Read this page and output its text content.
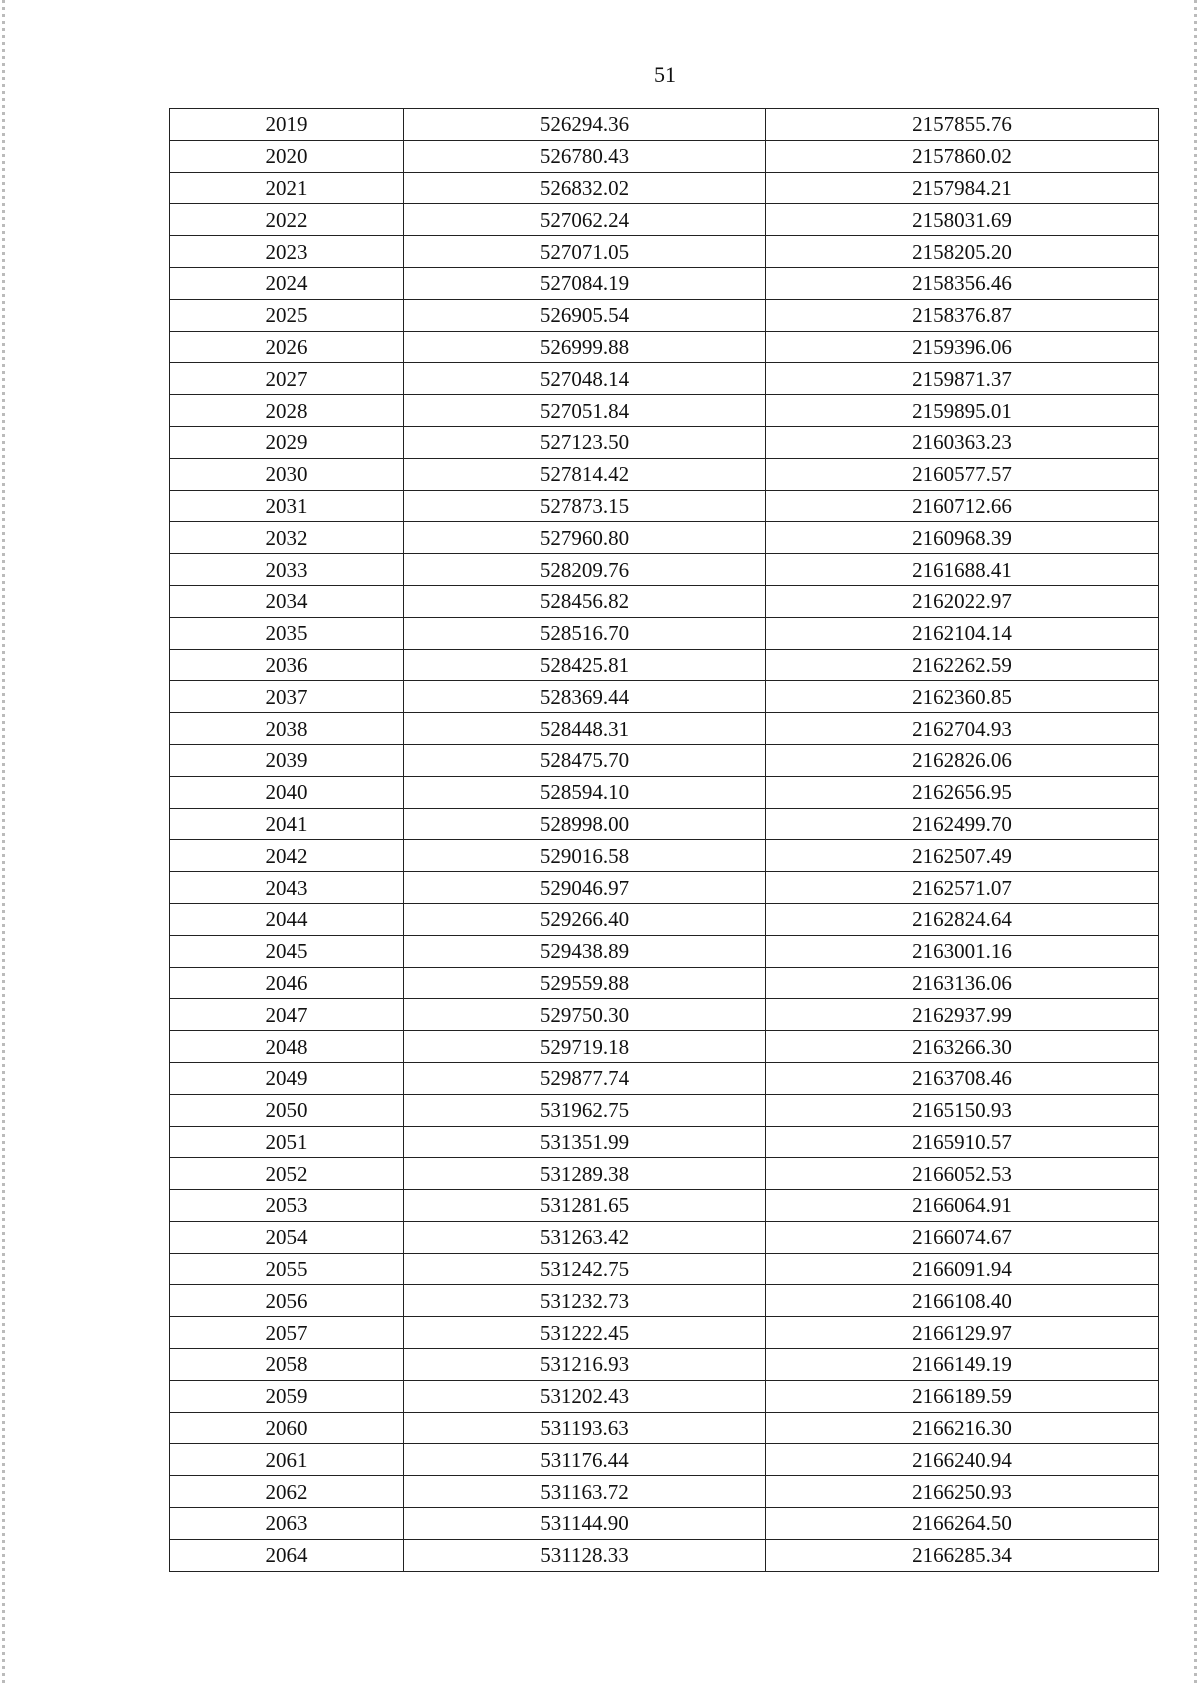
51
2019	526294.36	2157855.76
2020	526780.43	2157860.02
2021	526832.02	2157984.21
2022	527062.24	2158031.69
2023	527071.05	2158205.20
2024	527084.19	2158356.46
2025	526905.54	2158376.87
2026	526999.88	2159396.06
2027	527048.14	2159871.37
2028	527051.84	2159895.01
2029	527123.50	2160363.23
2030	527814.42	2160577.57
2031	527873.15	2160712.66
2032	527960.80	2160968.39
2033	528209.76	2161688.41
2034	528456.82	2162022.97
2035	528516.70	2162104.14
2036	528425.81	2162262.59
2037	528369.44	2162360.85
2038	528448.31	2162704.93
2039	528475.70	2162826.06
2040	528594.10	2162656.95
2041	528998.00	2162499.70
2042	529016.58	2162507.49
2043	529046.97	2162571.07
2044	529266.40	2162824.64
2045	529438.89	2163001.16
2046	529559.88	2163136.06
2047	529750.30	2162937.99
2048	529719.18	2163266.30
2049	529877.74	2163708.46
2050	531962.75	2165150.93
2051	531351.99	2165910.57
2052	531289.38	2166052.53
2053	531281.65	2166064.91
2054	531263.42	2166074.67
2055	531242.75	2166091.94
2056	531232.73	2166108.40
2057	531222.45	2166129.97
2058	531216.93	2166149.19
2059	531202.43	2166189.59
2060	531193.63	2166216.30
2061	531176.44	2166240.94
2062	531163.72	2166250.93
2063	531144.90	2166264.50
2064	531128.33	2166285.34
